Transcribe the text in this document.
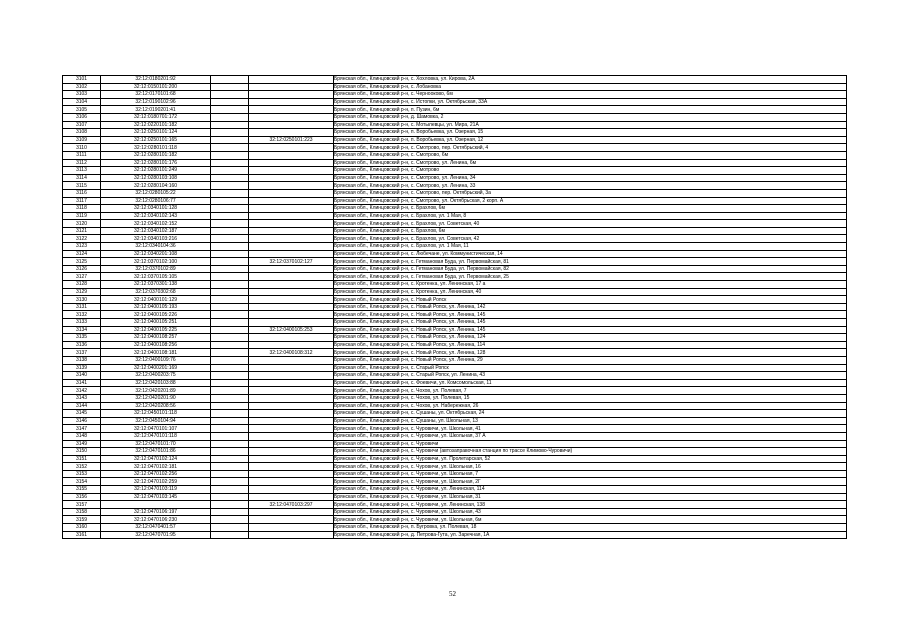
3101	32:12:0180201:92			Брянская обл., Клинцовский р-н, с. Хохловка, ул. Кирова, 2А
3102	32:12:0150101:200			Брянская обл., Клинцовский р-н, с. Лобановка
3103	32:12:0170101:68			Брянская обл., Клинцовский р-н, с. Чернооково, 6м
3104	32:12:0190102:96			Брянская обл., Клинцовский р-н, с. Истопки, ул. Октябрьская, 33А
3105	32:12:0190201:41			Брянская обл., Клинцовский р-н, п. Пузин, 6м
3106	32:12:0180701:172			Брянская обл., Клинцовский р-н, д. Шамовка, 2
3107	32:12:0220101:182			Брянская обл., Клинцовский р-н, с. Мотылевцы, ул. Мира, 21А
3108	32:12:0250101:124			Брянская обл., Клинцовский р-н, п. Воробьевка, ул. Озерная, 15
3109	32:12:0250101:165		32:12:0250101:223	Брянская обл., Клинцовский р-н, п. Воробьевка, ул. Озерная, 12
3110	32:12:0280101:118			Брянская обл., Клинцовский р-н, с. Смотрово, пер. Октябрьский, 4
3111	32:12:0280101:182			Брянская обл., Клинцовский р-н, с. Смотрово, 6м
3112	32:12:0280101:176			Брянская обл., Клинцовский р-н, с. Смотрово, ул. Ленина, 6м
3113	32:12:0280101:249			Брянская обл., Клинцовский р-н, с. Смотрово
3114	32:12:0280103:108			Брянская обл., Клинцовский р-н, с. Смотрово, ул. Ленина, 34
3115	32:12:0280104:160			Брянская обл., Клинцовский р-н, с. Смотрово, ул. Ленина, 33
3116	32:12:0280105:22			Брянская обл., Клинцовский р-н, с. Смотрово, пер. Октябрьский, 3а
3117	32:12:0280106:77			Брянская обл., Клинцовский р-н, с. Смотрово, ул. Октябрьская, 2 корп. А
3118	32:12:0340101:128			Брянская обл., Клинцовский р-н, с. Брахлов, 6м
3119	32:12:0340102:143			Брянская обл., Клинцовский р-н, с. Брахлов, ул. 1 Мая, 8
3120	32:12:0340102:152			Брянская обл., Клинцовский р-н, с. Брахлов, ул. Советская, 40
3121	32:12:0340102:187			Брянская обл., Клинцовский р-н, с. Брахлов, 6м
3122	32:12:0340103:216			Брянская обл., Клинцовский р-н, с. Брахлов, ул. Советская, 42
3123	32:12:0340104:36			Брянская обл., Клинцовский р-н, с. Брахлов, ул. 1 Мая, 11
3124	32:12:0340201:108			Брянская обл., Клинцовский р-н, с. Любечане, ул. Коммунистическая, 14
3125	32:12:0370102:100		32:12:0370102:127	Брянская обл., Клинцовский р-н, с. Гетмановая Буда, ул. Первомайская, 81
3126	32:12:0370102:89			Брянская обл., Клинцовский р-н, с. Гетмановая Буда, ул. Первомайская, 82
3127	32:12:0370105:105			Брянская обл., Клинцовский р-н, с. Гетмановая Буда, ул. Первомайская, 25
3128	32:12:0370301:138			Брянская обл., Клинцовский р-н, с. Кротенка, ул. Ленинская, 17 а
3129	32:12:0370302:68			Брянская обл., Клинцовский р-н, с. Кротенка, ул. Ленинская, 40
3130	32:12:0400101:129			Брянская обл., Клинцовский р-н, с. Новый Ропск
3131	32:12:0400105:193			Брянская обл., Клинцовский р-н, с. Новый Ропск, ул. Ленина, 142
3132	32:12:0400105:226			Брянская обл., Клинцовский р-н, с. Новый Ропск, ул. Ленина, 145
3133	32:12:0400105:251			Брянская обл., Клинцовский р-н, с. Новый Ропск, ул. Ленина, 145
3134	32:12:0400105:225		32:12:0400105:253	Брянская обл., Клинцовский р-н, с. Новый Ропск, ул. Ленина, 145
3135	32:12:0400108:257			Брянская обл., Клинцовский р-н, с. Новый Ропск, ул. Ленина, 124
3136	32:12:0400108:256			Брянская обл., Клинцовский р-н, с. Новый Ропск, ул. Ленина, 114
3137	32:12:0400108:181		32:12:0400108:312	Брянская обл., Клинцовский р-н, с. Новый Ропск, ул. Ленина, 128
3138	32:12:0400109:76			Брянская обл., Клинцовский р-н, с. Новый Ропск, ул. Ленина, 29
3139	32:12:0400201:169			Брянская обл., Клинцовский р-н, с. Старый Ропск
3140	32:12:0400203:75			Брянская обл., Клинцовский р-н, с. Старый Ропск, ул. Ленина, 43
3141	32:12:0420103:88			Брянская обл., Клинцовский р-н, с. Фоевичи, ул. Комсомольская, 11
3142	32:12:0420201:89			Брянская обл., Клинцовский р-н, с. Чохов, ул. Полевая, 7
3143	32:12:0420201:90			Брянская обл., Клинцовский р-н, с. Чохов, ул. Полевая, 15
3144	32:12:0420208:56			Брянская обл., Клинцовский р-н, с. Чохов, ул. Набережная, 26
3145	32:12:0450101:118			Брянская обл., Клинцовский р-н, с. Сушаны, ул. Октябрьская, 24
3146	32:12:0450104:94			Брянская обл., Клинцовский р-н, с. Сушаны, ул. Школьная, 13
3147	32:12:0470101:107			Брянская обл., Клинцовский р-н, с. Чуровичи, ул. Школьная, 41
3148	32:12:0470101:118			Брянская обл., Клинцовский р-н, с. Чуровичи, ул. Школьная, 37 А
3149	32:12:0470101:70			Брянская обл., Клинцовский р-н, с. Чуровичи
3150	32:12:0470101:86			Брянская обл., Клинцовский р-н, с. Чуровичи (автозаправочная станция по трассе Климово-Чуровичи)
3151	32:12:0470102:124			Брянская обл., Клинцовский р-н, с. Чуровичи, ул. Пролетарская, 52
3152	32:12:0470102:181			Брянская обл., Клинцовский р-н, с. Чуровичи, ул. Школьная, 16
3153	32:12:0470102:256			Брянская обл., Клинцовский р-н, с. Чуровичи, ул. Школьная, 7
3154	32:12:0470102:259			Брянская обл., Клинцовский р-н, с. Чуровичи, ул. Школьная, 2Г
3155	32:12:0470103:119			Брянская обл., Клинцовский р-н, с. Чуровичи, ул. Ленинская, 114
3156	32:12:0470103:145			Брянская обл., Клинцовский р-н, с. Чуровичи, ул. Школьная, 31
3157			32:12:0470103:297	Брянская обл., Клинцовский р-н, с. Чуровичи, ул. Ленинская, 138
3158	32:12:0470106:197			Брянская обл., Клинцовский р-н, с. Чуровичи, ул. Школьная, 43
3159	32:12:0470106:230			Брянская обл., Клинцовский р-н, с. Чуровичи, ул. Школьная, 6м
3160	32:12:0470401:57			Брянская обл., Клинцовский р-н, п. Бугровка, ул. Полевая, 18
3161	32:12:0470701:95			Брянская обл., Клинцовский р-н, д. Петрова-Гута, ул. Заречная, 1А
52
